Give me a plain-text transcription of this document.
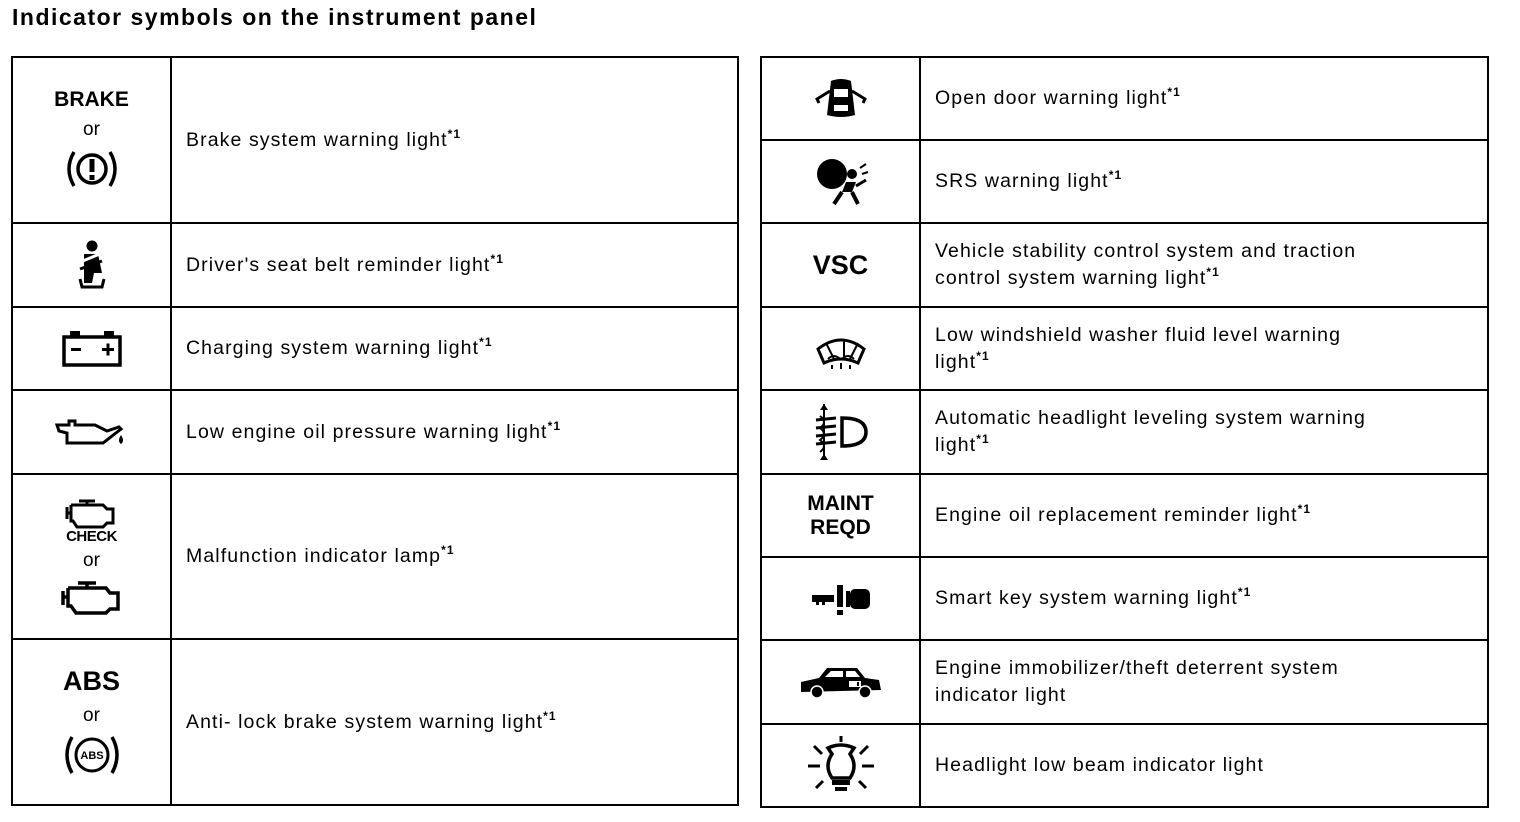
Indicator symbols on the instrument panel
BRAKE
or	Brake system warning light$^{*1}$

	Driver's seat belt reminder light$^{*1}$

	Charging system warning light$^{*1}$

	Low engine oil pressure warning light$^{*1}$

CHECK
or	Malfunction indicator lamp$^{*1}$

ABS
or
ABS	Anti- lock brake system warning light$^{*1}$
	Open door warning light$^{*1}$

	SRS warning light$^{*1}$

VSC	Vehicle stability control system and traction
control system warning light$^{*1}$

Low windshield washer fluid level warning
light$^{*1}$

Automatic headlight leveling system warning
light$^{*1}$

MAINT
REQD	Engine oil replacement reminder light$^{*1}$

	Smart key system warning light$^{*1}$

Engine immobilizer/theft deterrent system
indicator light

	Headlight low beam indicator light
